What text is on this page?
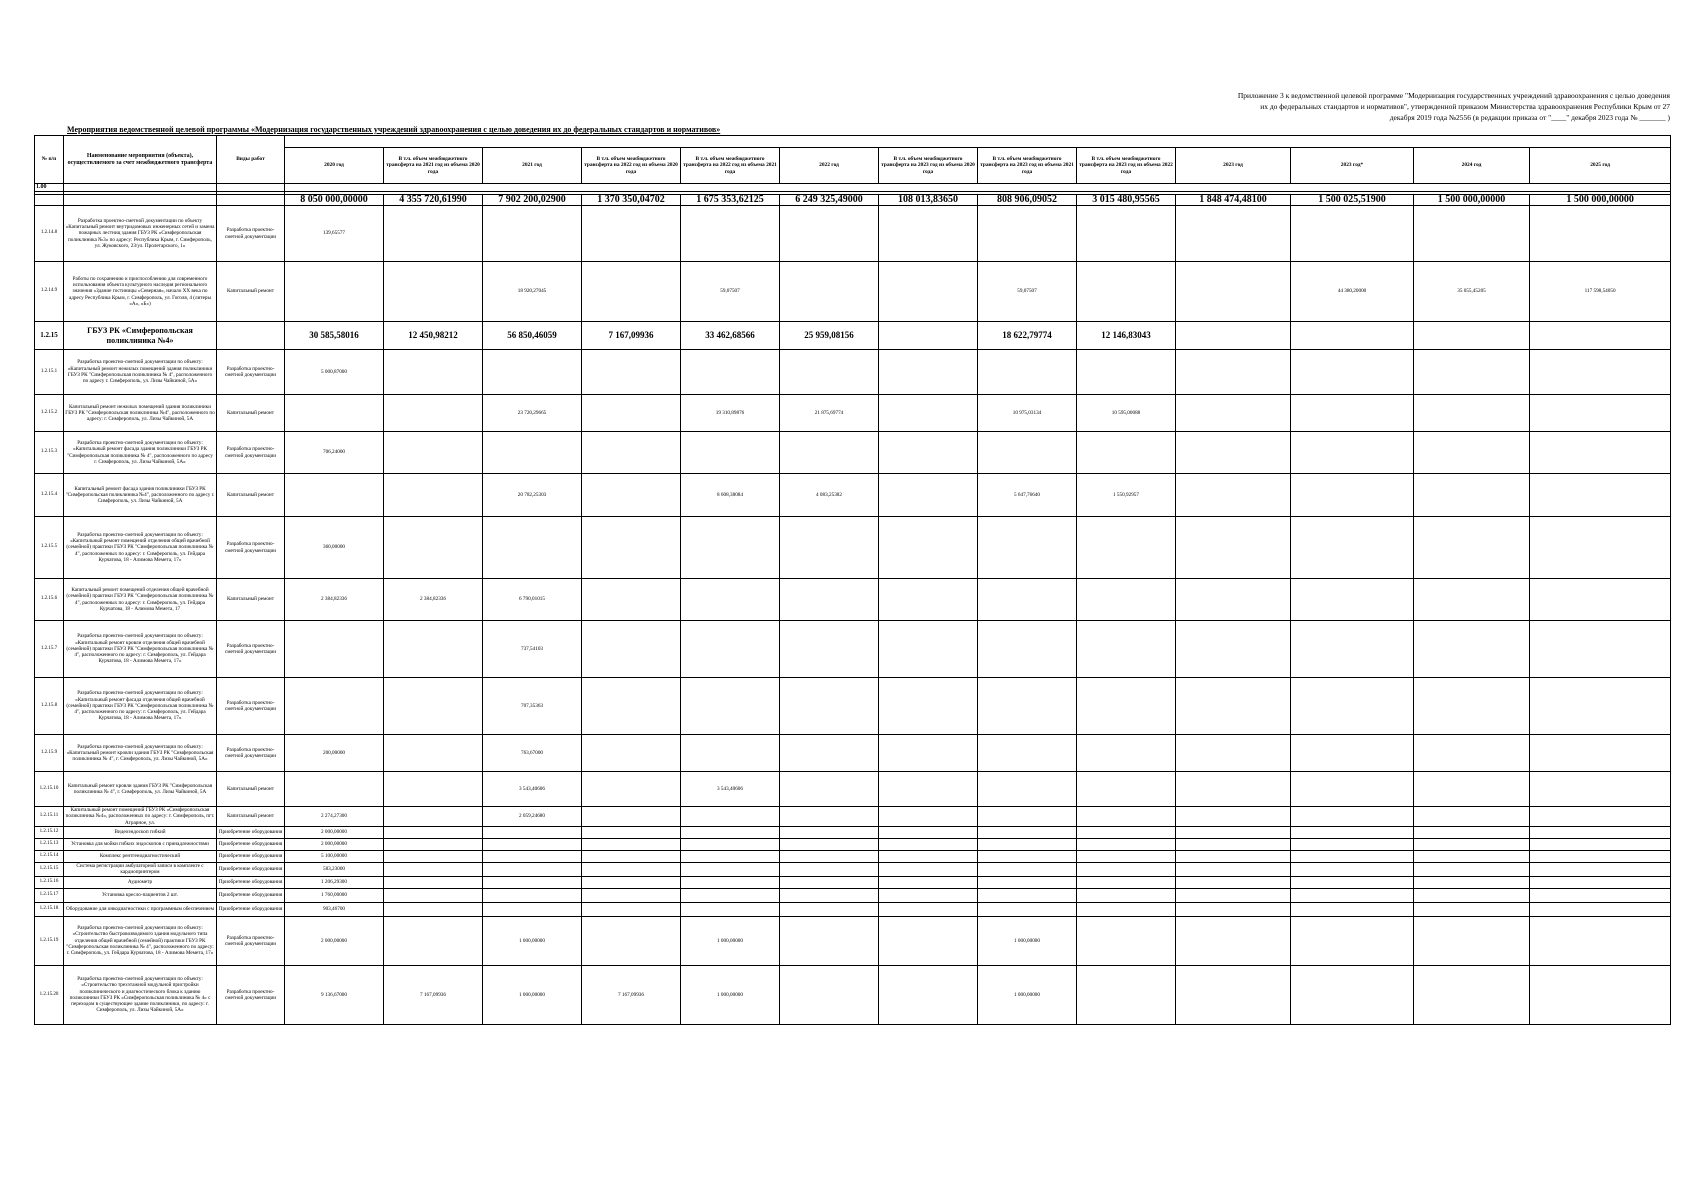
Приложение 3 к ведомственной целевой программе "Модернизация государственных учреждений здравоохранения с целью доведения
их до федеральных стандартов и нормативов", утвержденной приказом Министерства здравоохранения Республики Крым от 27
декабря 2019 года №2556 (в редакции приказа от "____" декабря 2023 года № _______ )
Мероприятия ведомственной целевой программы «Модернизация государственных учреждений здравоохранения с целью доведения их до федеральных стандартов и нормативов»
№ п/п	Наименование мероприятия (объекта), осуществляемого за счет межбюджетного трансферта	Виды работ													
			2020 год	В т.ч. объем межбюджетного трансферта на 2021 год из объема 2020 года	2021 год	В т.ч. объем межбюджетного трансферта на 2022 год из объема 2020 года	В т.ч. объем межбюджетного трансферта на 2022 год из объема 2021 года	2022 год	В т.ч. объем межбюджетного трансферта на 2023 год из объема 2020 года	В т.ч. объем межбюджетного трансферта на 2023 год из объема 2021 года	В т.ч. объем межбюджетного трансферта на 2023 год из объема 2022 года	2023 год	2023 год*	2024 год	2025 год
1.00															

			8 050 000,00000	4 355 720,61990	7 902 200,02900	1 370 350,04702	1 675 353,62125	6 249 325,49000	108 013,83650	808 906,09052	3 015 480,95565	1 848 474,48100	1 500 025,51900	1 500 000,00000	1 500 000,00000
1.2.14.8	Разработка проектно-сметной документации по объекту «Капитальный ремонт внутридомовых инженерных сетей и замена пожарных лестниц здания ГБУЗ РК «Симферопольская поликлиника №3» по адресу: Республика Крым, г. Симферополь, ул. Жуковского, 23/ул. Пролетарского, 1»	Разработка проектно-сметной документации	139,65577												
1.2.14.9	Работы по сохранению и приспособлению для современного использования объекта культурного наследия регионального значения «Здание гостиницы «Северная», начало XX века по адресу Республика Крым, г. Симферополь, ул. Гоголя, 4 (литеры «А», «Б»)	Капитальный ремонт			18 920,27045		59,07507			59,07507			44 380,20000	35 055,45205	117 598,54050
1.2.15	ГБУЗ РК «Симферопольская поликлиника №4»		30 585,58016	12 450,98212	56 850,46059	7 167,09936	33 462,68566	25 959,08156		18 622,79774	12 146,83043				
1.2.15.1	Разработка проектно-сметной документации по объекту: «Капитальный ремонт нежилых помещений здания поликлиники ГБУЗ РК "Симферопольская поликлиника № 4", расположенного по адресу г. Симферополь, ул. Лизы Чайкиной, 5А»	Разработка проектно-сметной документации	5 000,87000												
1.2.15.2	Капитальный ремонт нежилых помещений здания поликлиники ГБУЗ РК "Симферопольская поликлиника №4", расположенного по адресу: г. Симферополь, ул. Лизы Чайкиной, 5А	Капитальный ремонт			23 720,29665		19 310,89876	21 875,69774		10 975,03134	10 595,00088				
1.2.15.3	Разработка проектно-сметной документации по объекту: «Капитальный ремонт фасада здания поликлиники ГБУЗ РК "Симферопольская поликлиника № 4", расположенного по адресу г. Симферополь, ул. Лизы Чайкиной, 5А»	Разработка проектно-сметной документации	706,24000												
1.2.15.4	Капитальный ремонт фасада здания поликлиники ГБУЗ РК "Симферопольская поликлиника №4", расположенного по адресу г. Симферополь, ул. Лизы Чайкиной, 5А	Капитальный ремонт			20 782,25303		8 608,38084	4 083,25382		5 647,76640	1 550,92957				
1.2.15.5	Разработка проектно-сметной документации по объекту: «Капитальный ремонт помещений отделения общей врачебной (семейной) практики ГБУЗ РК "Симферопольская поликлиника № 4", расположенных по адресу: г. Симферополь, ул. Гейдара Курчатова, 18 - Алимова Мемета, 17»	Разработка проектно-сметной документации	360,00000												
1.2.15.6	Капитальный ремонт помещений отделения общей врачебной (семейной) практики ГБУЗ РК "Симферопольская поликлиника № 4", расположенных по адресу: г. Симферополь, ул. Гейдара Курчатова, 18 - Алимова Мемета, 17	Капитальный ремонт	2 384,82336	2 384,82336	6 790,01015										
1.2.15.7	Разработка проектно-сметной документации по объекту: «Капитальный ремонт кровли отделения общей врачебной (семейной) практики ГБУЗ РК "Симферопольская поликлиника № 4", расположенного по адресу: г. Симферополь, ул. Гейдара Курчатова, 18 - Алимова Мемета, 17»	Разработка проектно-сметной документации			737,54103										
1.2.15.8	Разработка проектно-сметной документации по объекту: «Капитальный ремонт фасада отделения общей врачебной (семейной) практики ГБУЗ РК "Симферопольская поликлиника № 4", расположенного по адресу: г. Симферополь, ул. Гейдара Курчатова, 18 - Алимова Мемета, 17»	Разработка проектно-сметной документации			707,35363										
1.2.15.9	Разработка проектно-сметной документации по объекту: «Капитальный ремонт кровли здания ГБУЗ РК "Симферопольская поликлиника № 4", г. Симферополь, ул. Лизы Чайкиной, 5А»	Разработка проектно-сметной документации	200,00000		763,67000										
1.2.15.10	Капитальный ремонт кровли здания ГБУЗ РК "Симферопольская поликлиника № 4", г. Симферополь, ул. Лизы Чайкиной, 5А	Капитальный ремонт			3 543,40606		3 543,40606								
1.2.15.11	Капитальный ремонт помещений ГБУЗ РК «Симферопольская поликлиника №4», расположенных по адресу: г. Симферополь, пгт. Аграрное, ул.	Капитальный ремонт	2 274,27300		2 059,24680										
1.2.15.12	Видеоэндоскоп гибкий	Приобретение оборудования	2 000,00000												
1.2.15.13	Установка для мойки гибких эндоскопов с принадлежностями	Приобретение оборудования	2 000,00000												
1.2.15.14	Комплекс рентгенодиагностический	Приобретение оборудования	5 100,00000												
1.2.15.15	Система регистрации амбулаторной записи в комплекте с кардиопринтером	Приобретение оборудования	583,23000												
1.2.15.16	Аудиометр	Приобретение оборудования	1 206,29300												
1.2.15.17	Установка кресло-пациентов 2 шт.	Приобретение оборудования	1 760,00000												
1.2.15.18	Оборудование для онкодиагностики с программным обеспечением	Приобретение оборудования	903,46700												
1.2.15.19	Разработка проектно-сметной документации по объекту: «Строительство быстровозводимого здания модульного типа отделения общей врачебной (семейной) практики ГБУЗ РК "Симферопольская поликлиника № 4", расположенного по адресу: г. Симферополь, ул. Гейдара Курчатова, 18 - Алимова Мемета, 17»	Разработка проектно-сметной документации	2 000,00000		1 000,00000		1 000,00000			1 000,00000					
1.2.15.20	Разработка проектно-сметной документации по объекту: «Строительство трехэтажной модульной пристройки поликлинического и диагностического блока к зданию поликлиники ГБУЗ РК «Симферопольская поликлиника № 4» с переходом в существующее здание поликлиники, по адресу: г. Симферополь, ул. Лизы Чайкиной, 5А»	Разработка проектно-сметной документации	9 136,67000	7 167,09936	1 000,00000	7 167,09936	1 000,00000			1 000,00000					
